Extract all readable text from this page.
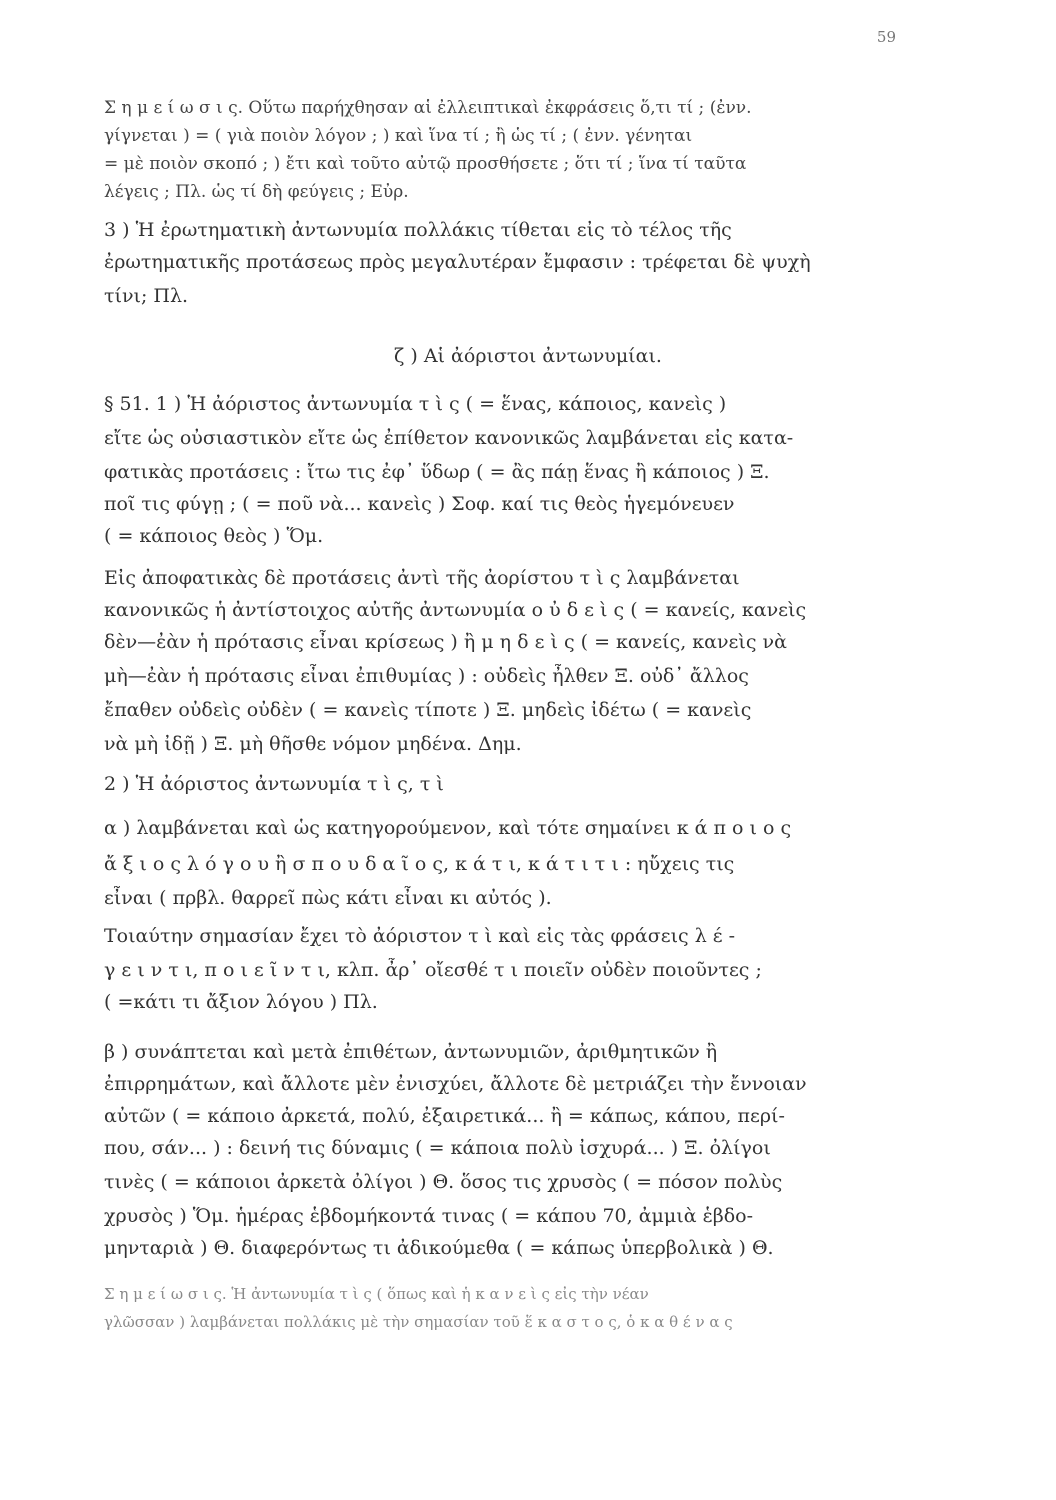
59
Σ η μ ε ί ω σ ι ς. Οὕτω παρήχθησαν αἱ ἐλλειπτικαὶ ἐκφράσεις ὅ,τι τί ; (ἐνν.
γίγνεται ) = ( γιὰ ποιὸν λόγον ; ) καὶ ἵνα τί ; ἢ ὡς τί ; ( ἐνν. γένηται
= μὲ ποιὸν σκοπό ; ) ἔτι καὶ τοῦτο αὐτῷ προσθήσετε ; ὅτι τί ; ἵνα τί ταῦτα
λέγεις ; Πλ. ὡς τί δὴ φεύγεις ; Εὐρ.
3 ) Ἡ ἐρωτηματικὴ ἀντωνυμία πολλάκις τίθεται εἰς τὸ τέλος τῆς
ἐρωτηματικῆς προτάσεως πρὸς μεγαλυτέραν ἔμφασιν : τρέφεται δὲ ψυχὴ
τίνι; Πλ.
ζ ) Αἱ ἀόριστοι ἀντωνυμίαι.
§ 51. 1 ) Ἡ ἀόριστος ἀντωνυμία τ ὶ ς ( = ἕνας, κάποιος, κανεὶς )
εἴτε ὡς οὐσιαστικὸν εἴτε ὡς ἐπίθετον κανονικῶς λαμβάνεται εἰς κατα-
φατικὰς προτάσεις : ἴτω τις ἐφ᾽ ὕδωρ ( = ἂς πάῃ ἕνας ἢ κάποιος ) Ξ.
ποῖ τις φύγῃ ; ( = ποῦ νὰ... κανεὶς ) Σοφ. καί τις θεὸς ἡγεμόνευεν
( = κάποιος θεὸς ) Ὅμ.
Εἰς ἀποφατικὰς δὲ προτάσεις ἀντὶ τῆς ἀορίστου τ ὶ ς λαμβάνεται
κανονικῶς ἡ ἀντίστοιχος αὐτῆς ἀντωνυμία ο ὐ δ ε ὶ ς ( = κανείς, κανεὶς
δὲν—ἐὰν ἡ πρότασις εἶναι κρίσεως ) ἢ μ η δ ε ὶ ς ( = κανείς, κανεὶς νὰ
μὴ—ἐὰν ἡ πρότασις εἶναι ἐπιθυμίας ) : οὐδεὶς ἦλθεν Ξ. οὐδ᾽ ἄλλος
ἔπαθεν οὐδεὶς οὐδὲν ( = κανεὶς τίποτε ) Ξ. μηδεὶς ἰδέτω ( = κανεὶς
νὰ μὴ ἰδῇ ) Ξ. μὴ θῆσθε νόμον μηδένα. Δημ.
2 ) Ἡ ἀόριστος ἀντωνυμία τ ὶ ς, τ ὶ
α ) λαμβάνεται καὶ ὡς κατηγορούμενον, καὶ τότε σημαίνει κ ά π ο ι ο ς
ἄ ξ ι ο ς λ ό γ ο υ ἢ σ π ο υ δ α ῖ ο ς, κ ά τ ι, κ ά τ ι τ ι : ηὔχεις τις
εἶναι ( πρβλ. θαρρεῖ πὼς κάτι εἶναι κι αὐτός ).
Τοιαύτην σημασίαν ἔχει τὸ ἀόριστον τ ὶ καὶ εἰς τὰς φράσεις λ έ -
γ ε ι ν τ ι, π ο ι ε ῖ ν τ ι, κλπ. ἆρ᾽ οἴεσθέ τ ι ποιεῖν οὐδὲν ποιοῦντες ;
( =κάτι τι ἄξιον λόγου ) Πλ.
β ) συνάπτεται καὶ μετὰ ἐπιθέτων, ἀντωνυμιῶν, ἀριθμητικῶν ἢ
ἐπιρρημάτων, καὶ ἄλλοτε μὲν ἐνισχύει, ἄλλοτε δὲ μετριάζει τὴν ἔννοιαν
αὐτῶν ( = κάποιο ἀρκετά, πολύ, ἐξαιρετικά... ἢ = κάπως, κάπου, περί-
που, σάν... ) : δεινή τις δύναμις ( = κάποια πολὺ ἰσχυρά... ) Ξ. ὀλίγοι
τινὲς ( = κάποιοι ἀρκετὰ ὀλίγοι ) Θ. ὅσος τις χρυσὸς ( = πόσον πολὺς
χρυσὸς ) Ὅμ. ἡμέρας ἑβδομήκοντά τινας ( = κάπου 70, ἀμμιὰ ἑβδο-
μηνταριὰ ) Θ. διαφερόντως τι ἀδικούμεθα ( = κάπως ὑπερβολικὰ ) Θ.
Σ η μ ε ί ω σ ι ς. Ἡ ἀντωνυμία τ ὶ ς ( ὅπως καὶ ἡ κ α ν ε ὶ ς εἰς τὴν νέαν
γλῶσσαν ) λαμβάνεται πολλάκις μὲ τὴν σημασίαν τοῦ ἕ κ α σ τ ο ς, ὁ κ α θ έ ν α ς
